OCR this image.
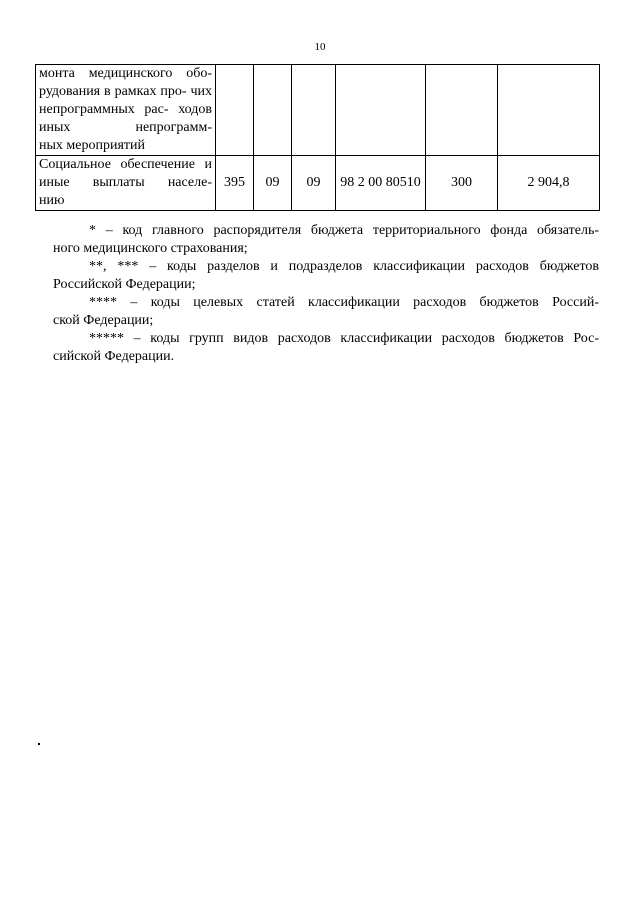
10
монта медицинского обо- рудования в рамках про- чих непрограммных рас- ходов иных непрограмм-
ных мероприятий						

Социальное обеспечение и иные выплаты населе-
нию	395	09	09	98 2 00 80510	300	2 904,8

* – код главного распорядителя бюджета территориального фонда обязатель-
ного медицинского страхования;

**, *** – коды разделов и подразделов классификации расходов бюджетов
Российской Федерации;

**** – коды целевых статей классификации расходов бюджетов Россий-
ской Федерации;

***** – коды групп видов расходов классификации расходов бюджетов Рос-
сийской Федерации.
